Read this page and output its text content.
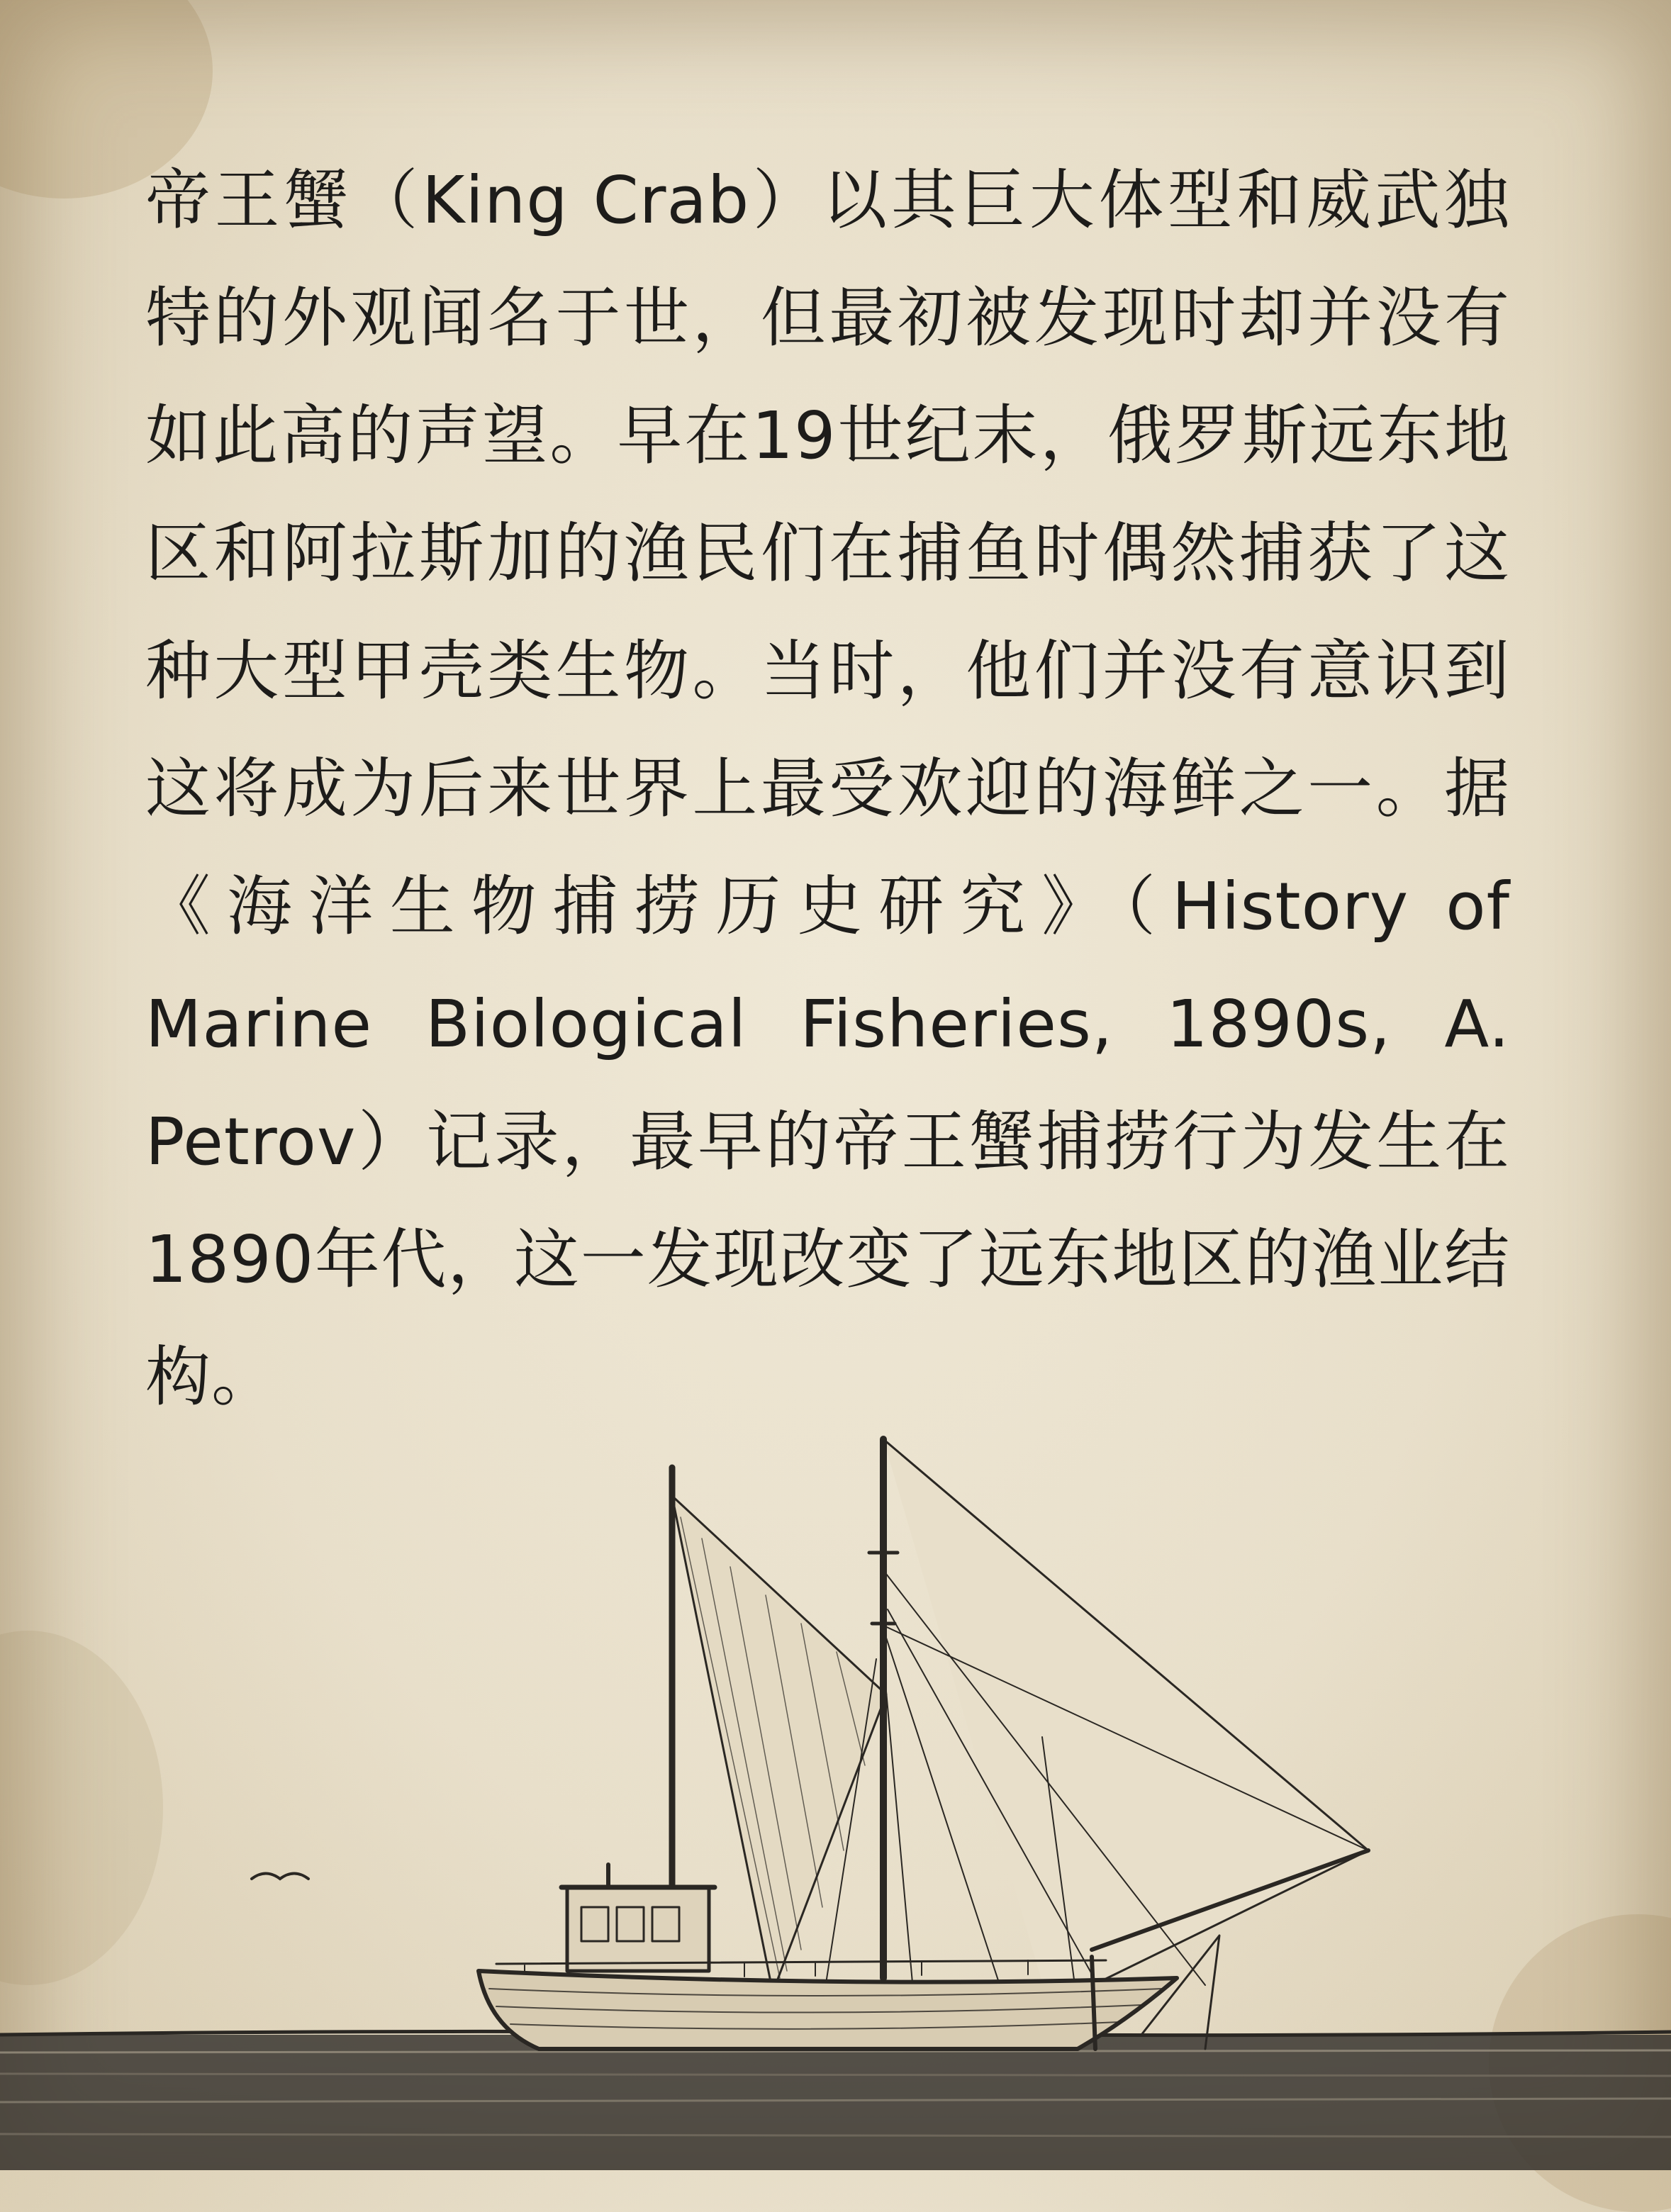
帝王蟹（King Crab）以其巨大体型和威武独特的外观闻名于世，但最初被发现时却并没有如此高的声望。早在19世纪末，俄罗斯远东地区和阿拉斯加的渔民们在捕鱼时偶然捕获了这种大型甲壳类生物。当时，他们并没有意识到这将成为后来世界上最受欢迎的海鲜之一。据《海洋生物捕捞历史研究》（History of Marine Biological Fisheries, 1890s, A. Petrov）记录，最早的帝王蟹捕捞行为发生在1890年代，这一发现改变了远东地区的渔业结构。
